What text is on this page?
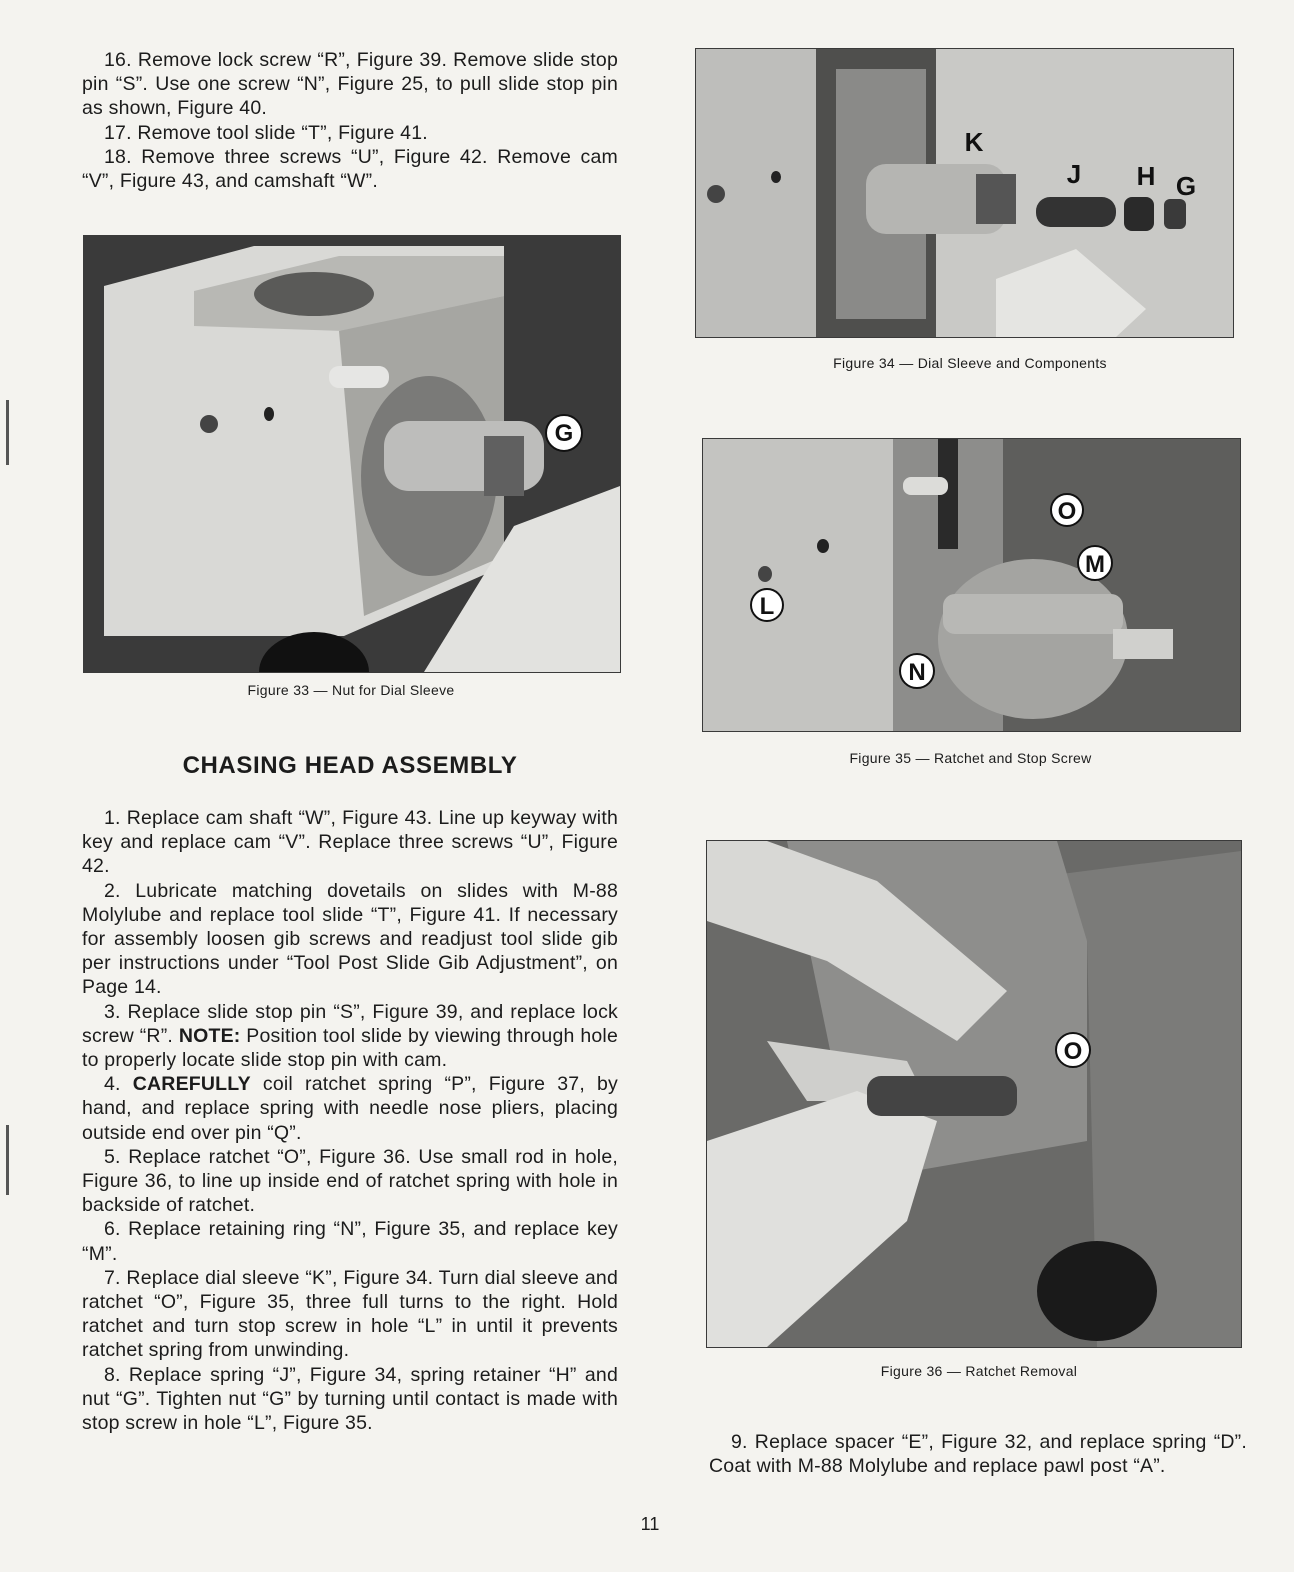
16. Remove lock screw “R”, Figure 39. Remove slide stop pin “S”. Use one screw “N”, Figure 25, to pull slide stop pin as shown, Figure 40.

17. Remove tool slide “T”, Figure 41.

18. Remove three screws “U”, Figure 42. Remove cam “V”, Figure 43, and camshaft “W”.

G
Figure 33 — Nut for Dial Sleeve
CHASING HEAD ASSEMBLY

1. Replace cam shaft “W”, Figure 43. Line up keyway with key and replace cam “V”. Replace three screws “U”, Figure 42.

2. Lubricate matching dovetails on slides with M-88 Molylube and replace tool slide “T”, Figure 41. If necessary for assembly loosen gib screws and readjust tool slide gib per instructions under “Tool Post Slide Gib Adjustment”, on Page 14.

3. Replace slide stop pin “S”, Figure 39, and replace lock screw “R”. NOTE: Position tool slide by viewing through hole to properly locate slide stop pin with cam.

4. CAREFULLY coil ratchet spring “P”, Figure 37, by hand, and replace spring with needle nose pliers, placing outside end over pin “Q”.

5. Replace ratchet “O”, Figure 36. Use small rod in hole, Figure 36, to line up inside end of ratchet spring with hole in backside of ratchet.

6. Replace retaining ring “N”, Figure 35, and replace key “M”.

7. Replace dial sleeve “K”, Figure 34. Turn dial sleeve and ratchet “O”, Figure 35, three full turns to the right. Hold ratchet and turn stop screw in hole “L” in until it prevents ratchet spring from unwinding.

8. Replace spring “J”, Figure 34, spring retainer “H” and nut “G”. Tighten nut “G” by turning until contact is made with stop screw in hole “L”, Figure 35.

K
J H G
Figure 34 — Dial Sleeve and Components
O
M
L
N
Figure 35 — Ratchet and Stop Screw
O
Figure 36 — Ratchet Removal

9. Replace spacer “E”, Figure 32, and replace spring “D”. Coat with M-88 Molylube and replace pawl post “A”.

11
